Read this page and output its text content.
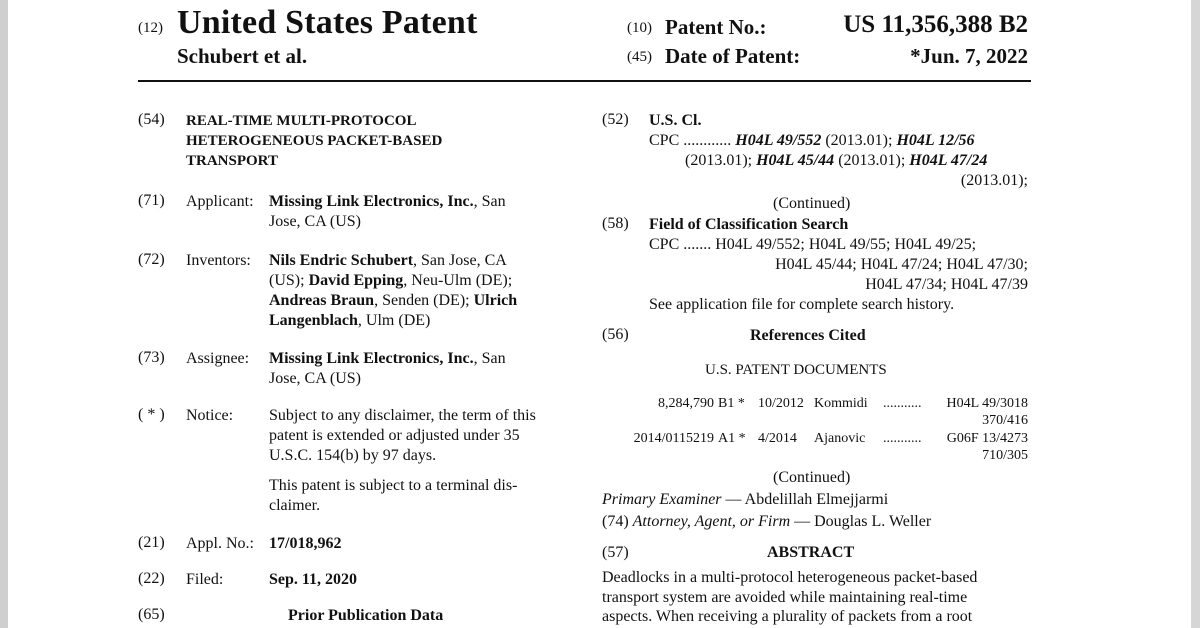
(12) United States Patent
Schubert et al.
(10) Patent No.:	US 11,356,388 B2
(45) Date of Patent:	*Jun. 7, 2022
(54) REAL-TIME MULTI-PROTOCOL
HETEROGENEOUS PACKET-BASED
TRANSPORT
(71) Applicant: Missing Link Electronics, Inc., San
Jose, CA (US)
(72) Inventors: Nils Endric Schubert, San Jose, CA
(US); David Epping, Neu-Ulm (DE);
Andreas Braun, Senden (DE); Ulrich
Langenblach, Ulm (DE)
(73) Assignee: Missing Link Electronics, Inc., San
Jose, CA (US)
( * ) Notice: Subject to any disclaimer, the term of this
patent is extended or adjusted under 35
U.S.C. 154(b) by 97 days.
This patent is subject to a terminal dis-
claimer.
(21) Appl. No.: 17/018,962
(22) Filed:	Sep. 11, 2020
(65)	Prior Publication Data
(52) U.S. Cl.
CPC ............ H04L 49/552 (2013.01); H04L 12/56
(2013.01); H04L 45/44 (2013.01); H04L 47/24
(2013.01);
(Continued)
(58) Field of Classification Search
CPC ....... H04L 49/552; H04L 49/55; H04L 49/25;
H04L 45/44; H04L 47/24; H04L 47/30;
H04L 47/34; H04L 47/39
See application file for complete search history.
(56)	References Cited
U.S. PATENT DOCUMENTS
8,284,790 B1 * 10/2012 Kommidi ........... H04L 49/3018
370/416
2014/0115219 A1 * 4/2014 Ajanovic ........... G06F 13/4273
710/305
(Continued)
Primary Examiner — Abdelillah Elmejjarmi
(74) Attorney, Agent, or Firm — Douglas L. Weller
(57)	ABSTRACT
Deadlocks in a multi-protocol heterogeneous packet-based
transport system are avoided while maintaining real-time
aspects. When receiving a plurality of packets from a root
